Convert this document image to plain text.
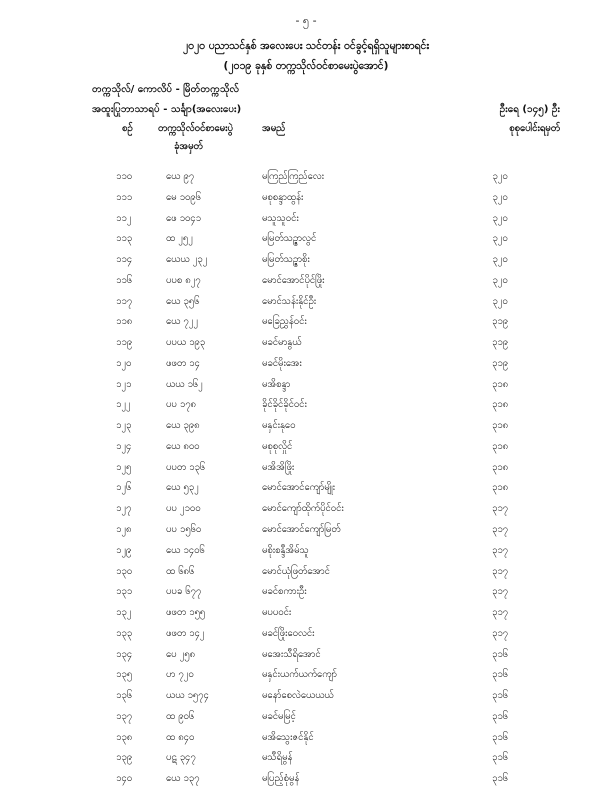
- ၅ -
၂၀၂၀ ပညာသင်နှစ် အလေးပေး သင်တန်း ဝင်ခွင့်ရရှိသူများစာရင်း
(၂၀၁၉ ခုနှစ် တက္ကသိုလ်ဝင်စာမေးပွဲအောင်)
တက္ကသိုလ်/ ကောလိပ် - မြိတ်တက္ကသိုလ်
အထူးပြုဘာသာရပ် - သင်္ချာ(အလေးပေး)	ဦးရေ (၁၄၅) ဦး
စဉ်	တက္ကသိုလ်ဝင်စာမေးပွဲ	အမည်	စုစုပေါင်းရမှတ်
ခုံအမှတ်
၁၁၀	ယေ ၉၇	မကြည်ကြည်လေး	၃၂၀
၁၁၁	မေ ၁၀၉၆	မစုစန္ဒာထွန်း	၃၂၀
၁၁၂	ဖေ ၁၀၄၁	မသူသူဝင်း	၃၂၀
၁၁၃	ထ ၂၅၂	မမြတ်သဉ္ဇာလွင်	၃၂၀
၁၁၄	ယေယ ၂၃၂	မမြတ်သဉ္ဇာစိုး	၃၂၀
၁၁၆	ပပစ ၈၂၇	မောင်အောင်ပိုင်ဖြိုး	၃၂၀
၁၁၇	ယေ ၃၅၆	မောင်သန်းနိုင်ဦး	၃၂၀
၁၁၈	ယေ ၇၂၂	မခြေညွှန်ဝင်း	၃၁၉
၁၁၉	ပပယ ၁၉၃	မခင်မာနွယ်	၃၁၉
၁၂၀	ဖဖတ ၁၄	မခင်မိုးအေး	၃၁၉
၁၂၁	ယယ ၁၆၂	မအိစန္ဒာ	၃၁၈
၁၂၂	ပပ ၁၇၈	ခိုင်ခိုင်ခိုင်ဝင်း	၃၁၈
၁၂၃	ယေ ၃၉၈	မနှင်းနုဝေ	၃၁၈
၁၂၄	ယေ ၈၀၀	မစုစုလှိုင်	၃၁၈
၁၂၅	ပပတ ၁၃၆	မအိအိဖြိုး	၃၁၈
၁၂၆	ယေ ၅၃၂	မောင်အောင်ကျော်မျိုး	၃၁၈
၁၂၇	ပပ ၂၁၀၀	မောင်ကျော်ထိုက်ပိုင်ဝင်း	၃၁၇
၁၂၈	ပပ ၁၅၆၀	မောင်အောင်ကျော်မြတ်	၃၁၇
၁၂၉	ယေ ၁၄၀၆	မစိုးစန္ဒီအိမ်သူ	၃၁၇
၁၃၀	ထ ၆၈၆	မောင်ယုံဖြတ်အောင်	၃၁၇
၁၃၁	ပပခ ၆၇၇	မခင်စကားဦး	၃၁၇
၁၃၂	ဖဖတ ၁၅၅	မပပဝင်း	၃၁၇
၁၃၃	ဖဖတ ၁၄၂	မခင်ဖြိုးဝေလင်း	၃၁၇
၁၃၄	ပေ ၂၅၈	မအေးသီရိအောင်	၃၁၆
၁၃၅	ဟ ၇၂၀	မနှင်းယက်ယက်ကျော်	၃၁၆
၁၃၆	ယယ ၁၅၇၄	မနော်စေလဲယေယယ်	၃၁၆
၁၃၇	ထ ၉၀၆	မခင်မမြင့်	၃၁၆
၁၃၈	ထ ၈၄၀	မအိသွေးဇင်နိုင်	၃၁၆
၁၃၉	ပဋ ၃၄၇	မသီရိမွန်	၃၁၆
၁၄၀	ယေ ၁၃၇	မပြည့်စုံမွန်	၃၁၆
